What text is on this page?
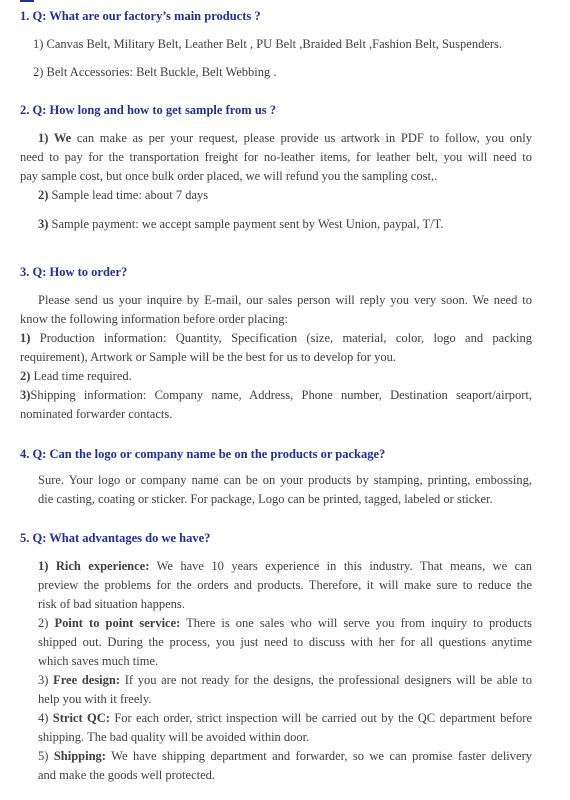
1. Q: What are our factory’s main products ?
1) Canvas Belt, Military Belt, Leather Belt , PU Belt ,Braided Belt ,Fashion Belt, Suspenders.
2) Belt Accessories: Belt Buckle, Belt Webbing .
2. Q: How long and how to get sample from us ?
1) We can make as per your request, please provide us artwork in PDF to follow, you only
need to pay for the transportation freight for no-leather items, for leather belt, you will need to
pay sample cost, but once bulk order placed, we will refund you the sampling cost,.
2) Sample lead time: about 7 days
3) Sample payment: we accept sample payment sent by West Union, paypal, T/T.
3. Q: How to order?
Please send us your inquire by E-mail, our sales person will reply you very soon. We need to
know the following information before order placing:
1) Production information: Quantity, Specification (size, material, color, logo and packing
requirement), Artwork or Sample will be the best for us to develop for you.
2) Lead time required.
3)Shipping information: Company name, Address, Phone number, Destination seaport/airport,
nominated forwarder contacts.
4. Q: Can the logo or company name be on the products or package?
Sure. Your logo or company name can be on your products by stamping, printing, embossing,
die casting, coating or sticker. For package, Logo can be printed, tagged, labeled or sticker.
5. Q: What advantages do we have?
1) Rich experience: We have 10 years experience in this industry. That means, we can
preview the problems for the orders and products. Therefore, it will make sure to reduce the
risk of bad situation happens.
2) Point to point service: There is one sales who will serve you from inquiry to products
shipped out. During the process, you just need to discuss with her for all questions anytime
which saves much time.
3) Free design: If you are not ready for the designs, the professional designers will be able to
help you with it freely.
4) Strict QC: For each order, strict inspection will be carried out by the QC department before
shipping. The bad quality will be avoided within door.
5) Shipping: We have shipping department and forwarder, so we can promise faster delivery
and make the goods well protected.
